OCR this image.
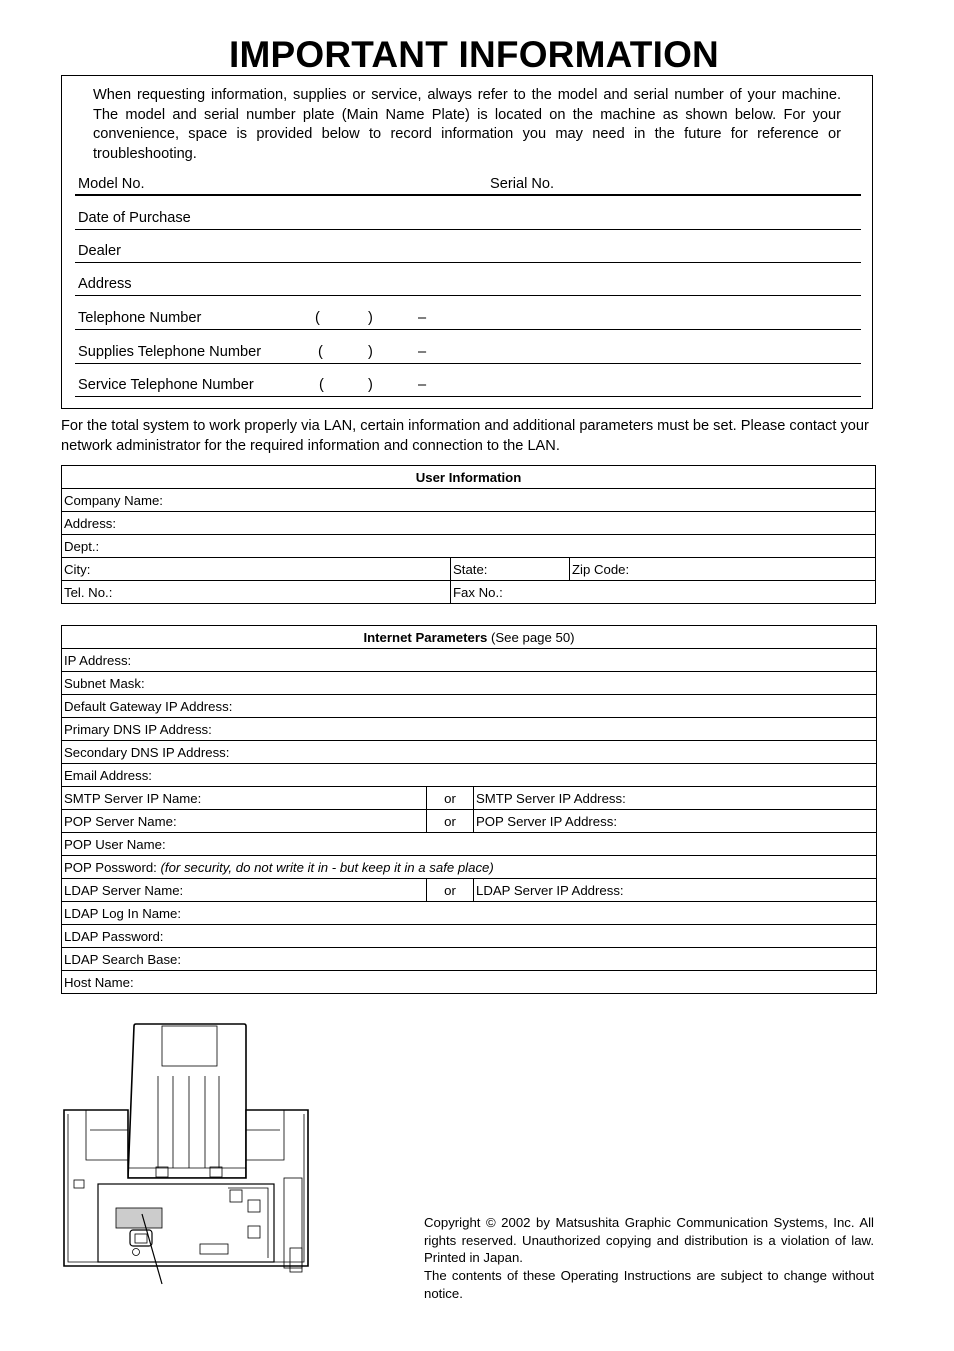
IMPORTANT INFORMATION

When requesting information, supplies or service, always refer to the model and serial number of your machine. The model and serial number plate (Main Name Plate) is located on the machine as shown below. For your convenience, space is provided below to record information you may need in the future for reference or troubleshooting.

Model No.	Serial No.
Date of Purchase
Dealer
Address
Telephone Number	(	)	–
Supplies Telephone Number	(	)	–
Service Telephone Number	(	)	–

For the total system to work properly via LAN, certain information and additional parameters must be set. Please contact your network administrator for the required information and connection to the LAN.

User Information		
Company Name:		
Address:		
Dept.:		
City:	State:	Zip Code:
Tel. No.:	Fax No.:	
Internet Parameters (See page 50)		
IP Address:		
Subnet Mask:		
Default Gateway IP Address:		
Primary DNS IP Address:		
Secondary DNS IP Address:		
Email Address:		
SMTP Server IP Name:	or	SMTP Server IP Address:
POP Server Name:	or	POP Server IP Address:
POP User Name:		
POP Possword: (for security, do not write it in - but keep it in a safe place)		
LDAP Server Name:	or	LDAP Server IP Address:
LDAP Log In Name:		
LDAP Password:		
LDAP Search Base:		
Host Name:		

Copyright © 2002 by Matsushita Graphic Communication Systems, Inc. All rights reserved. Unauthorized copying and distribution is a violation of law. Printed in Japan.

The contents of these Operating Instructions are subject to change without notice.
